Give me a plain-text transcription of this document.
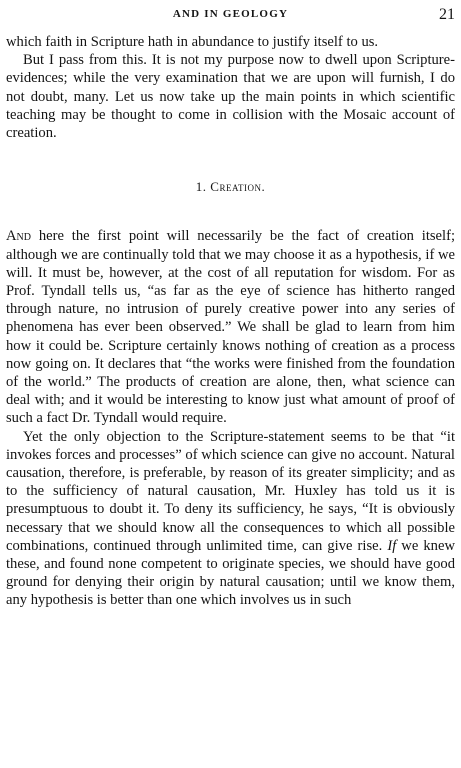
AND IN GEOLOGY	21

which faith in Scripture hath in abundance to justify itself to us.

But I pass from this. It is not my purpose now to dwell upon Scripture-evidences; while the very examination that we are upon will furnish, I do not doubt, many. Let us now take up the main points in which scientific teaching may be thought to come in collision with the Mosaic account of creation.

1. Creation.

And here the first point will necessarily be the fact of creation itself; although we are continually told that we may choose it as a hypothesis, if we will. It must be, however, at the cost of all reputation for wisdom. For as Prof. Tyndall tells us, “as far as the eye of science has hitherto ranged through nature, no intrusion of purely creative power into any series of phenomena has ever been observed.” We shall be glad to learn from him how it could be. Scripture certainly knows nothing of creation as a process now going on. It declares that “the works were finished from the foundation of the world.” The products of creation are alone, then, what science can deal with; and it would be interesting to know just what amount of proof of such a fact Dr. Tyndall would require.

Yet the only objection to the Scripture-statement seems to be that “it invokes forces and processes” of which science can give no account. Natural causation, therefore, is preferable, by reason of its greater simplicity; and as to the sufficiency of natural causation, Mr. Huxley has told us it is presumptuous to doubt it. To deny its sufficiency, he says, “It is obviously necessary that we should know all the consequences to which all possible combinations, continued through unlimited time, can give rise. If we knew these, and found none competent to originate species, we should have good ground for denying their origin by natural causation; until we know them, any hypothesis is better than one which involves us in such
